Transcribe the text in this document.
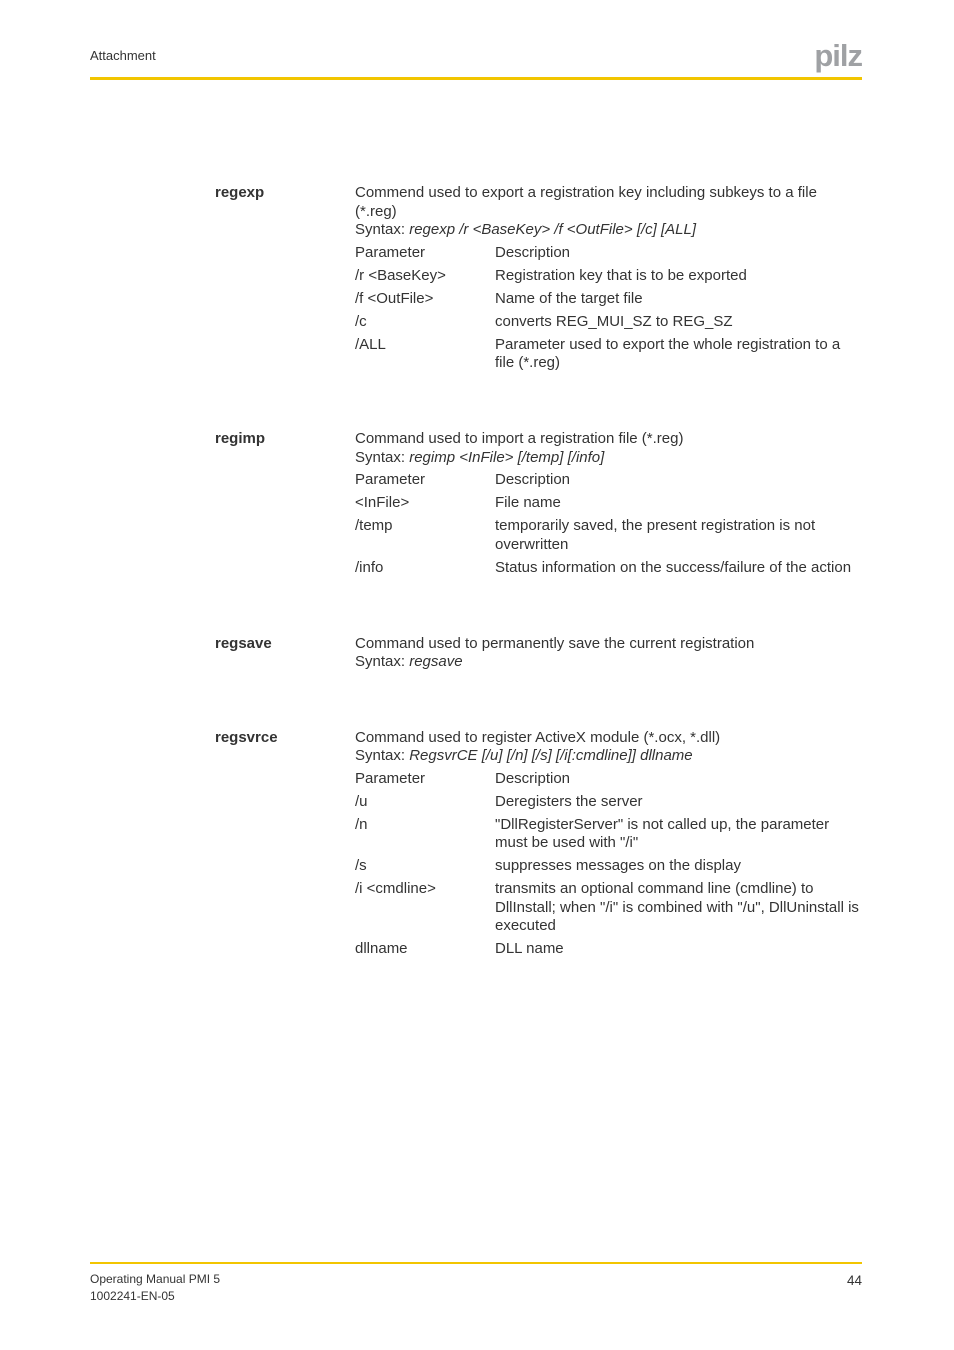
Attachment	pilz
regexp	Commend used to export a registration key including subkeys to a file (*.reg)

Syntax: regexp /r <BaseKey> /f <OutFile> [/c] [ALL]

Parameter	Description
/r <BaseKey>	Registration key that is to be exported
/f <OutFile>	Name of the target file
/c	converts REG_MUI_SZ to REG_SZ
/ALL	Parameter used to export the whole registration to a file (*.reg)
regimp	Command used to import a registration file (*.reg)

Syntax: regimp <InFile> [/temp] [/info]

Parameter	Description
<InFile>	File name
/temp	temporarily saved, the present registration is not overwritten
/info	Status information on the success/failure of the action
regsave	Command used to permanently save the current registration

Syntax: regsave

regsvrce	Command used to register ActiveX module (*.ocx, *.dll)

Syntax: RegsvrCE [/u] [/n] [/s] [/i[:cmdline]] dllname

Parameter	Description
/u	Deregisters the server
/n	"DllRegisterServer" is not called up, the parameter must be used with "/i"
/s	suppresses messages on the display
/i <cmdline>	transmits an optional command line (cmdline) to DllInstall; when "/i" is combined with "/u", DllUninstall is executed
dllname	DLL name
Operating Manual PMI 5
1002241-EN-05
44
